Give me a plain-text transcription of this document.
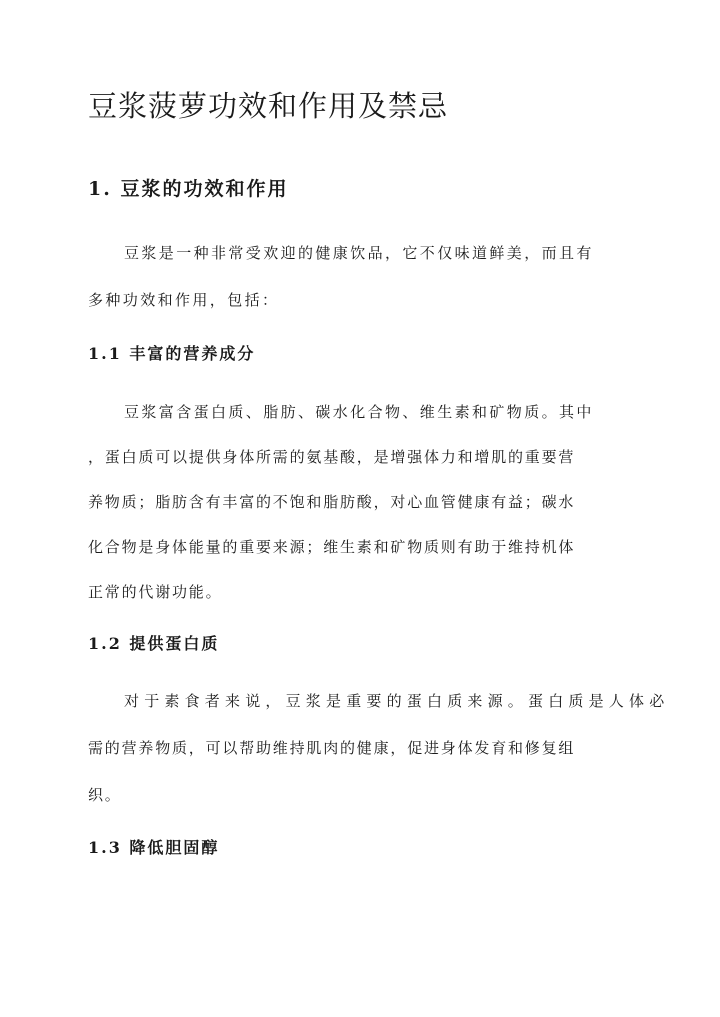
豆浆菠萝功效和作用及禁忌
1. 豆浆的功效和作用
豆浆是一种非常受欢迎的健康饮品，它不仅味道鲜美，而且有
多种功效和作用，包括：
1.1 丰富的营养成分
豆浆富含蛋白质、脂肪、碳水化合物、维生素和矿物质。其中
，蛋白质可以提供身体所需的氨基酸，是增强体力和增肌的重要营
养物质；脂肪含有丰富的不饱和脂肪酸，对心血管健康有益；碳水
化合物是身体能量的重要来源；维生素和矿物质则有助于维持机体
正常的代谢功能。
1.2 提供蛋白质
对于素食者来说，豆浆是重要的蛋白质来源。蛋白质是人体必
需的营养物质，可以帮助维持肌肉的健康，促进身体发育和修复组
织。
1.3 降低胆固醇
